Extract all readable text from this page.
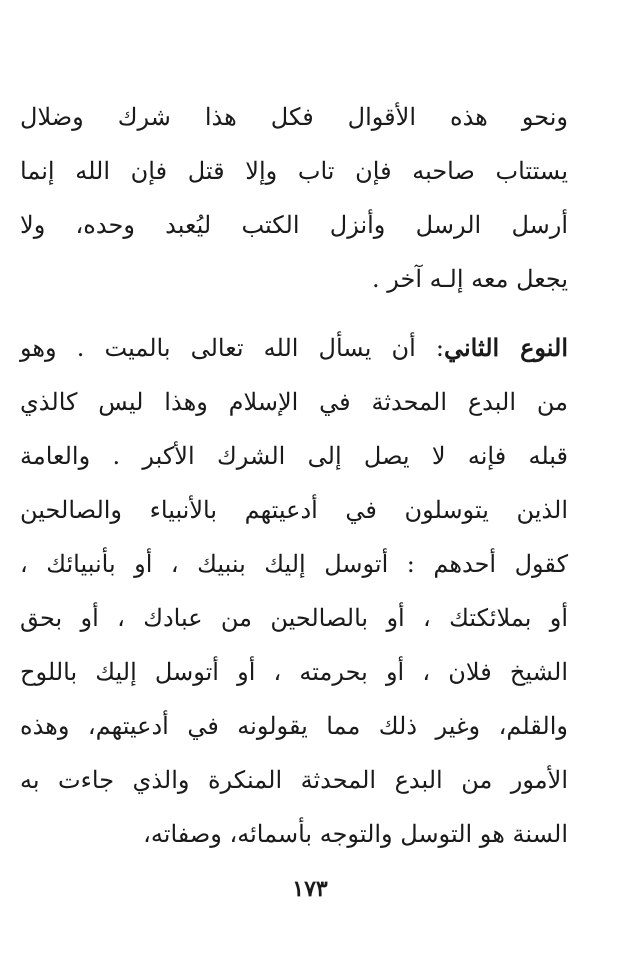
ونحو هذه الأقوال فكل هذا شرك وضلال
يستتاب صاحبه فإن تاب وإلا قتل فإن الله إنما
أرسل الرسل وأنزل الكتب ليُعبد وحده، ولا
يجعل معه إلـه آخر .
النوع الثاني: أن يسأل الله تعالى بالميت . وهو
من البدع المحدثة في الإسلام وهذا ليس كالذي
قبله فإنه لا يصل إلى الشرك الأكبر . والعامة
الذين يتوسلون في أدعيتهم بالأنبياء والصالحين
كقول أحدهم : أتوسل إليك بنبيك ، أو بأنبيائك ،
أو بملائكتك ، أو بالصالحين من عبادك ، أو بحق
الشيخ فلان ، أو بحرمته ، أو أتوسل إليك باللوح
والقلم، وغير ذلك مما يقولونه في أدعيتهم، وهذه
الأمور من البدع المحدثة المنكرة والذي جاءت به
السنة هو التوسل والتوجه بأسمائه، وصفاته،
١٧٣
